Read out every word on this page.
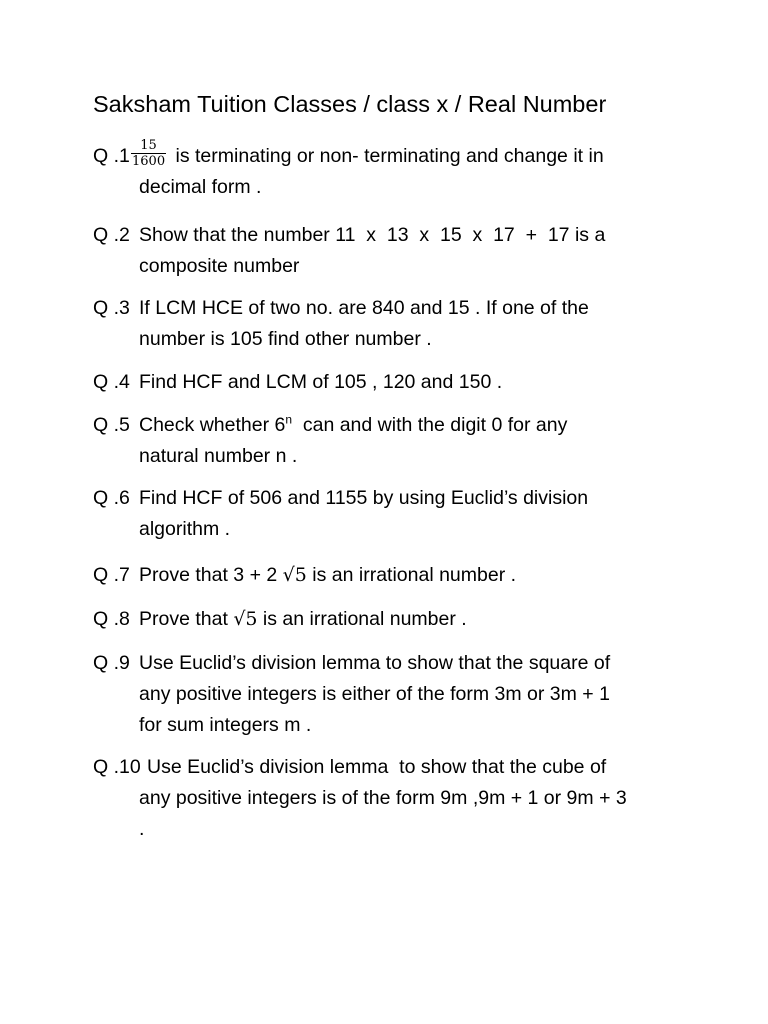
Saksham Tuition Classes / class x / Real Number
Q $.1 \frac{15}{1600}$ is terminating or non- terminating and change it in
decimal form .
Q .2 Show that the number 11  x  13  x  15  x  17  +  17 is a
composite number
Q .3 If LCM HCE of two no. are 840 and 15 . If one of the
number is 105 find other number .
Q .4 Find HCF and LCM of 105 , 120 and 150 .
Q .5 Check whether 6$^n$  can and with the digit 0 for any
natural number n .
Q .6 Find HCF of 506 and 1155 by using Euclid’s division
algorithm .
Q .7 Prove that 3 + 2 √5 is an irrational number .
Q .8 Prove that √5 is an irrational number .
Q .9 Use Euclid’s division lemma to show that the square of
any positive integers is either of the form 3m or 3m + 1
for sum integers m .
Q .10 Use Euclid’s division lemma  to show that the cube of
any positive integers is of the form 9m ,9m + 1 or 9m + 3
.
